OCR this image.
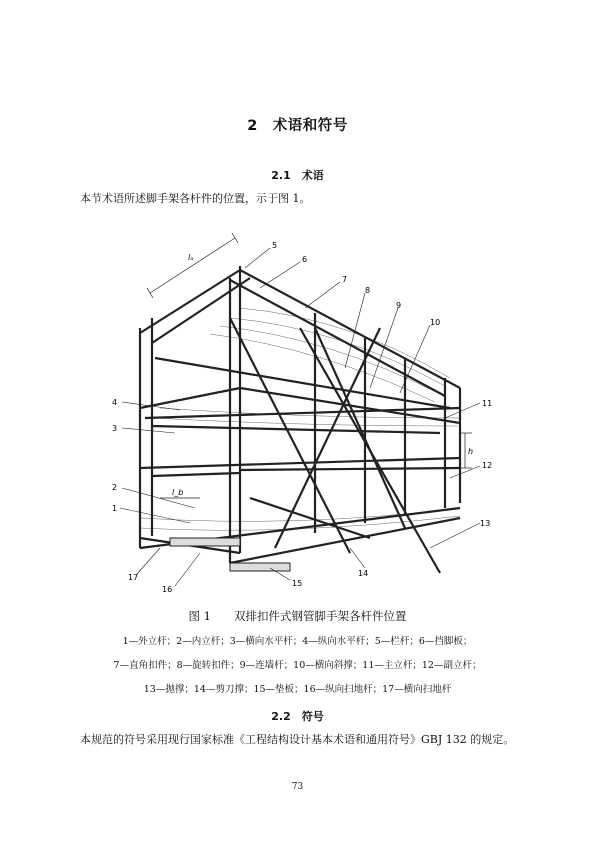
2　术语和符号
2.1　术语
本节术语所述脚手架各杆件的位置，示于图 1。
lₐ
h
l_b
1
2
3
4
5
6
7
8
9
10
11
12
13
14
15
16
17
图 1　　双排扣件式钢管脚手架各杆件位置
1—外立杆；2—内立杆；3—横向水平杆；4—纵向水平杆；5—栏杆；6—挡脚板；
7—直角扣件；8—旋转扣件；9—连墙杆；10—横向斜撑；11—主立杆；12—副立杆；
13—抛撑；14—剪刀撑；15—垫板；16—纵向扫地杆；17—横向扫地杆
2.2　符号
本规范的符号采用现行国家标准《工程结构设计基本术语和通用符号》GBJ 132 的规定。
73
